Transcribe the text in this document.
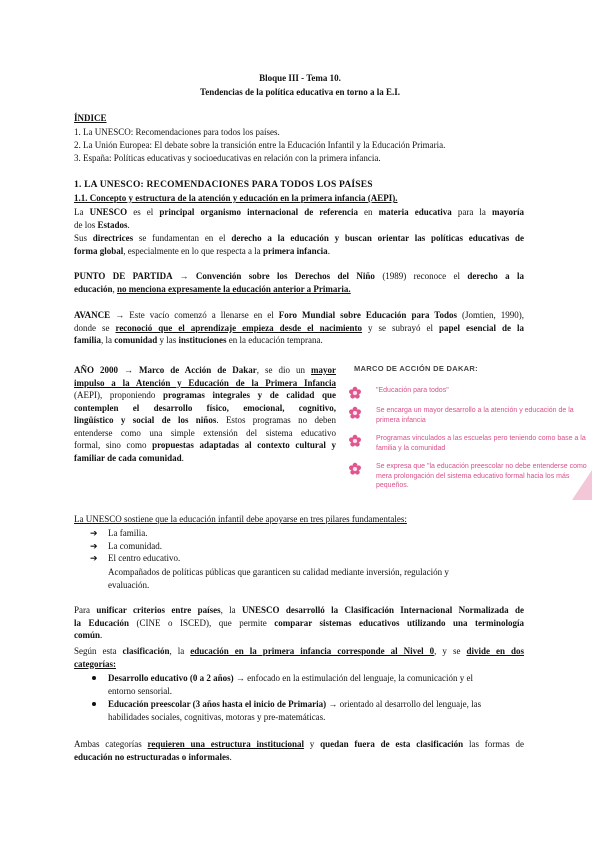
Bloque III - Tema 10.
Tendencias de la política educativa en torno a la E.I.
ÍNDICE
1. La UNESCO: Recomendaciones para todos los países.
2. La Unión Europea: El debate sobre la transición entre la Educación Infantil y la Educación Primaria.
3. España: Políticas educativas y socioeducativas en relación con la primera infancia.
1. LA UNESCO: RECOMENDACIONES PARA TODOS LOS PAÍSES
1.1. Concepto y estructura de la atención y educación en la primera infancia (AEPI).
La UNESCO es el principal organismo internacional de referencia en materia educativa para la mayoría
de los Estados.
Sus directrices se fundamentan en el derecho a la educación y buscan orientar las políticas educativas de
forma global, especialmente en lo que respecta a la primera infancia.
PUNTO DE PARTIDA → Convención sobre los Derechos del Niño (1989) reconoce el derecho a la
educación, no menciona expresamente la educación anterior a Primaria.
AVANCE → Este vacío comenzó a llenarse en el Foro Mundial sobre Educación para Todos (Jomtien, 1990),
donde se reconoció que el aprendizaje empieza desde el nacimiento y se subrayó el papel esencial de la
familia, la comunidad y las instituciones en la educación temprana.
AÑO 2000 → Marco de Acción de Dakar, se dio un mayor
impulso a la Atención y Educación de la Primera Infancia
(AEPI), proponiendo programas integrales y de calidad que
contemplen el desarrollo físico, emocional, cognitivo,
lingüístico y social de los niños. Estos programas no deben
entenderse como una simple extensión del sistema educativo
formal, sino como propuestas adaptadas al contexto cultural y
familiar de cada comunidad.
MARCO DE ACCIÓN DE DAKAR:
"Educación para todos"
Se encarga un mayor desarrollo a la atención y educación de la primera infancia
Programas vinculados a las escuelas pero teniendo como base a la familia y la comunidad
Se expresa que "la educación preescolar no debe entenderse como mera prolongación del sistema educativo formal hacia los más pequeños.
La UNESCO sostiene que la educación infantil debe apoyarse en tres pilares fundamentales:
➔ La familia.
➔ La comunidad.
➔ El centro educativo.
Acompañados de políticas públicas que garanticen su calidad mediante inversión, regulación y
evaluación.
Para unificar criterios entre países, la UNESCO desarrolló la Clasificación Internacional Normalizada de
la Educación (CINE o ISCED), que permite comparar sistemas educativos utilizando una terminología
común.
Según esta clasificación, la educación en la primera infancia corresponde al Nivel 0, y se divide en dos
categorías:
Desarrollo educativo (0 a 2 años) → enfocado en la estimulación del lenguaje, la comunicación y el
entorno sensorial.
Educación preescolar (3 años hasta el inicio de Primaria) → orientado al desarrollo del lenguaje, las
habilidades sociales, cognitivas, motoras y pre-matemáticas.
Ambas categorías requieren una estructura institucional y quedan fuera de esta clasificación las formas de
educación no estructuradas o informales.
